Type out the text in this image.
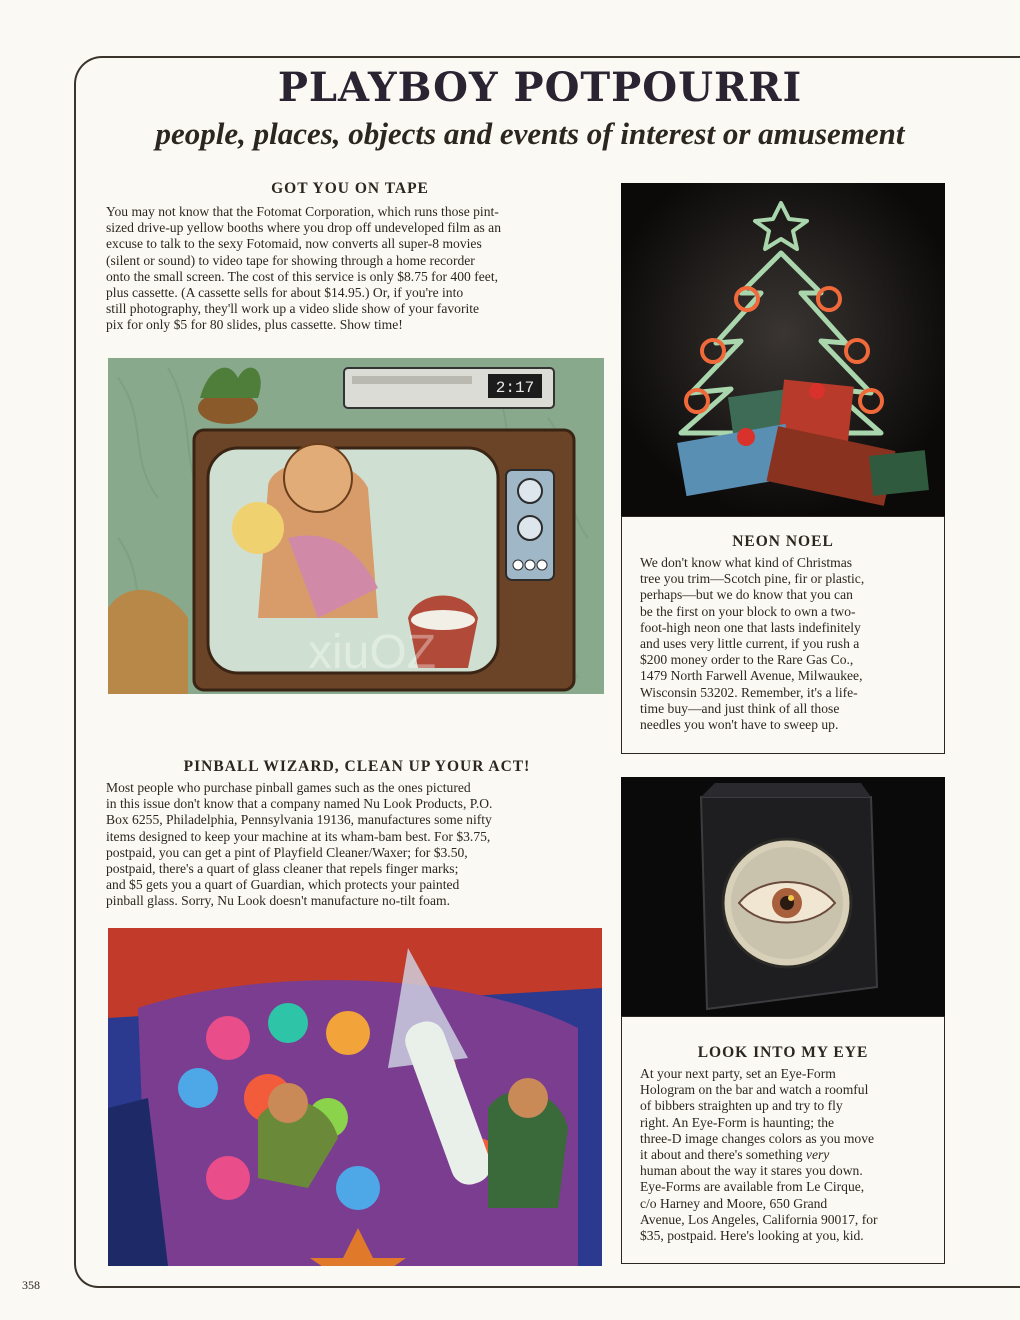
PLAYBOY POTPOURRI
people, places, objects and events of interest or amusement
GOT YOU ON TAPE
You may not know that the Fotomat Corporation, which runs those pint-
sized drive-up yellow booths where you drop off undeveloped film as an
excuse to talk to the sexy Fotomaid, now converts all super-8 movies
(silent or sound) to video tape for showing through a home recorder
onto the small screen. The cost of this service is only $8.75 for 400 feet,
plus cassette. (A cassette sells for about $14.95.) Or, if you're into
still photography, they'll work up a video slide show of your favorite
pix for only $5 for 80 slides, plus cassette. Show time!
2:17
xiuOZ
NEON NOEL
We don't know what kind of Christmas
tree you trim—Scotch pine, fir or plastic,
perhaps—but we do know that you can
be the first on your block to own a two-
foot-high neon one that lasts indefinitely
and uses very little current, if you rush a
$200 money order to the Rare Gas Co.,
1479 North Farwell Avenue, Milwaukee,
Wisconsin 53202. Remember, it's a life-
time buy—and just think of all those
needles you won't have to sweep up.
PINBALL WIZARD, CLEAN UP YOUR ACT!
Most people who purchase pinball games such as the ones pictured
in this issue don't know that a company named Nu Look Products, P.O.
Box 6255, Philadelphia, Pennsylvania 19136, manufactures some nifty
items designed to keep your machine at its wham-bam best. For $3.75,
postpaid, you can get a pint of Playfield Cleaner/Waxer; for $3.50,
postpaid, there's a quart of glass cleaner that repels finger marks;
and $5 gets you a quart of Guardian, which protects your painted
pinball glass. Sorry, Nu Look doesn't manufacture no-tilt foam.
LOOK INTO MY EYE
At your next party, set an Eye-Form
Hologram on the bar and watch a roomful
of bibbers straighten up and try to fly
right. An Eye-Form is haunting; the
three-D image changes colors as you move
it about and there's something very
human about the way it stares you down.
Eye-Forms are available from Le Cirque,
c/o Harney and Moore, 650 Grand
Avenue, Los Angeles, California 90017, for
$35, postpaid. Here's looking at you, kid.
358
